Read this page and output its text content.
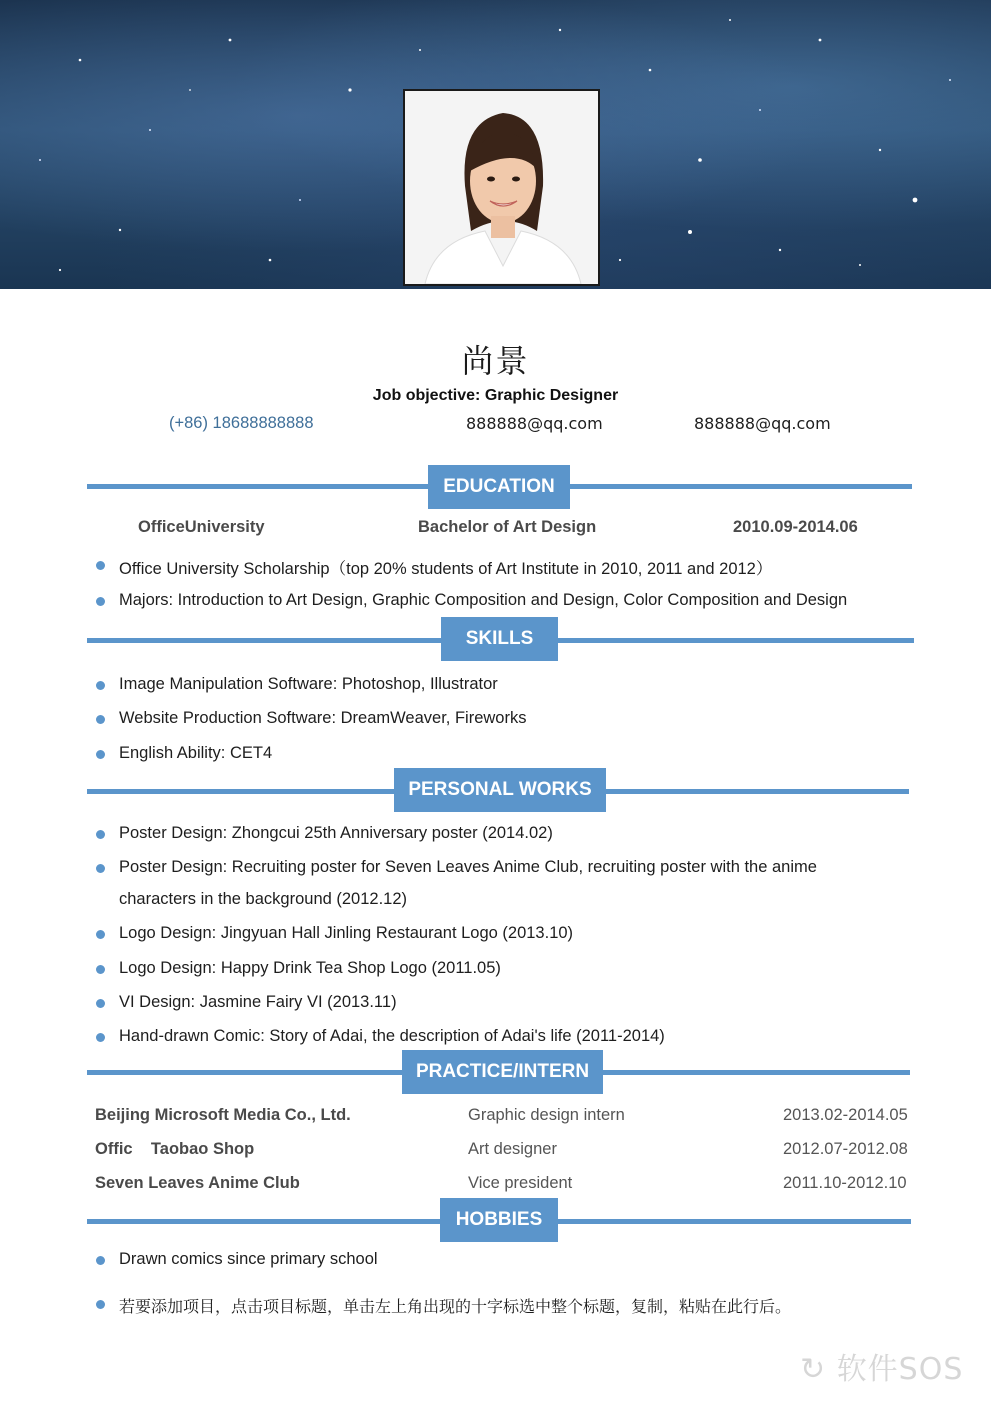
尚景
Job objective: Graphic Designer
(+86) 18688888888	888888@qq.com	888888@qq.com
EDUCATION
OfficeUniversity	Bachelor of Art Design	2010.09-2014.06
Office University Scholarship（top 20% students of Art Institute in 2010, 2011 and 2012）
Majors: Introduction to Art Design, Graphic Composition and Design, Color Composition and Design
SKILLS
Image Manipulation Software: Photoshop, Illustrator
Website Production Software: DreamWeaver, Fireworks
English Ability: CET4
PERSONAL WORKS
Poster Design: Zhongcui 25th Anniversary poster (2014.02)
Poster Design: Recruiting poster for Seven Leaves Anime Club, recruiting poster with the anime
characters in the background (2012.12)
Logo Design: Jingyuan Hall Jinling Restaurant Logo (2013.10)
Logo Design: Happy Drink Tea Shop Logo (2011.05)
VI Design: Jasmine Fairy VI (2013.11)
Hand-drawn Comic: Story of Adai, the description of Adai's life (2011-2014)
PRACTICE/INTERN
Beijing Microsoft Media Co., Ltd.	Graphic design intern	2013.02-2014.05
Offic    Taobao Shop	Art designer	2012.07-2012.08
Seven Leaves Anime Club	Vice president	2011.10-2012.10
HOBBIES
Drawn comics since primary school
若要添加项目，点击项目标题，单击左上角出现的十字标选中整个标题，复制，粘贴在此行后。
↻ 软件SOS
